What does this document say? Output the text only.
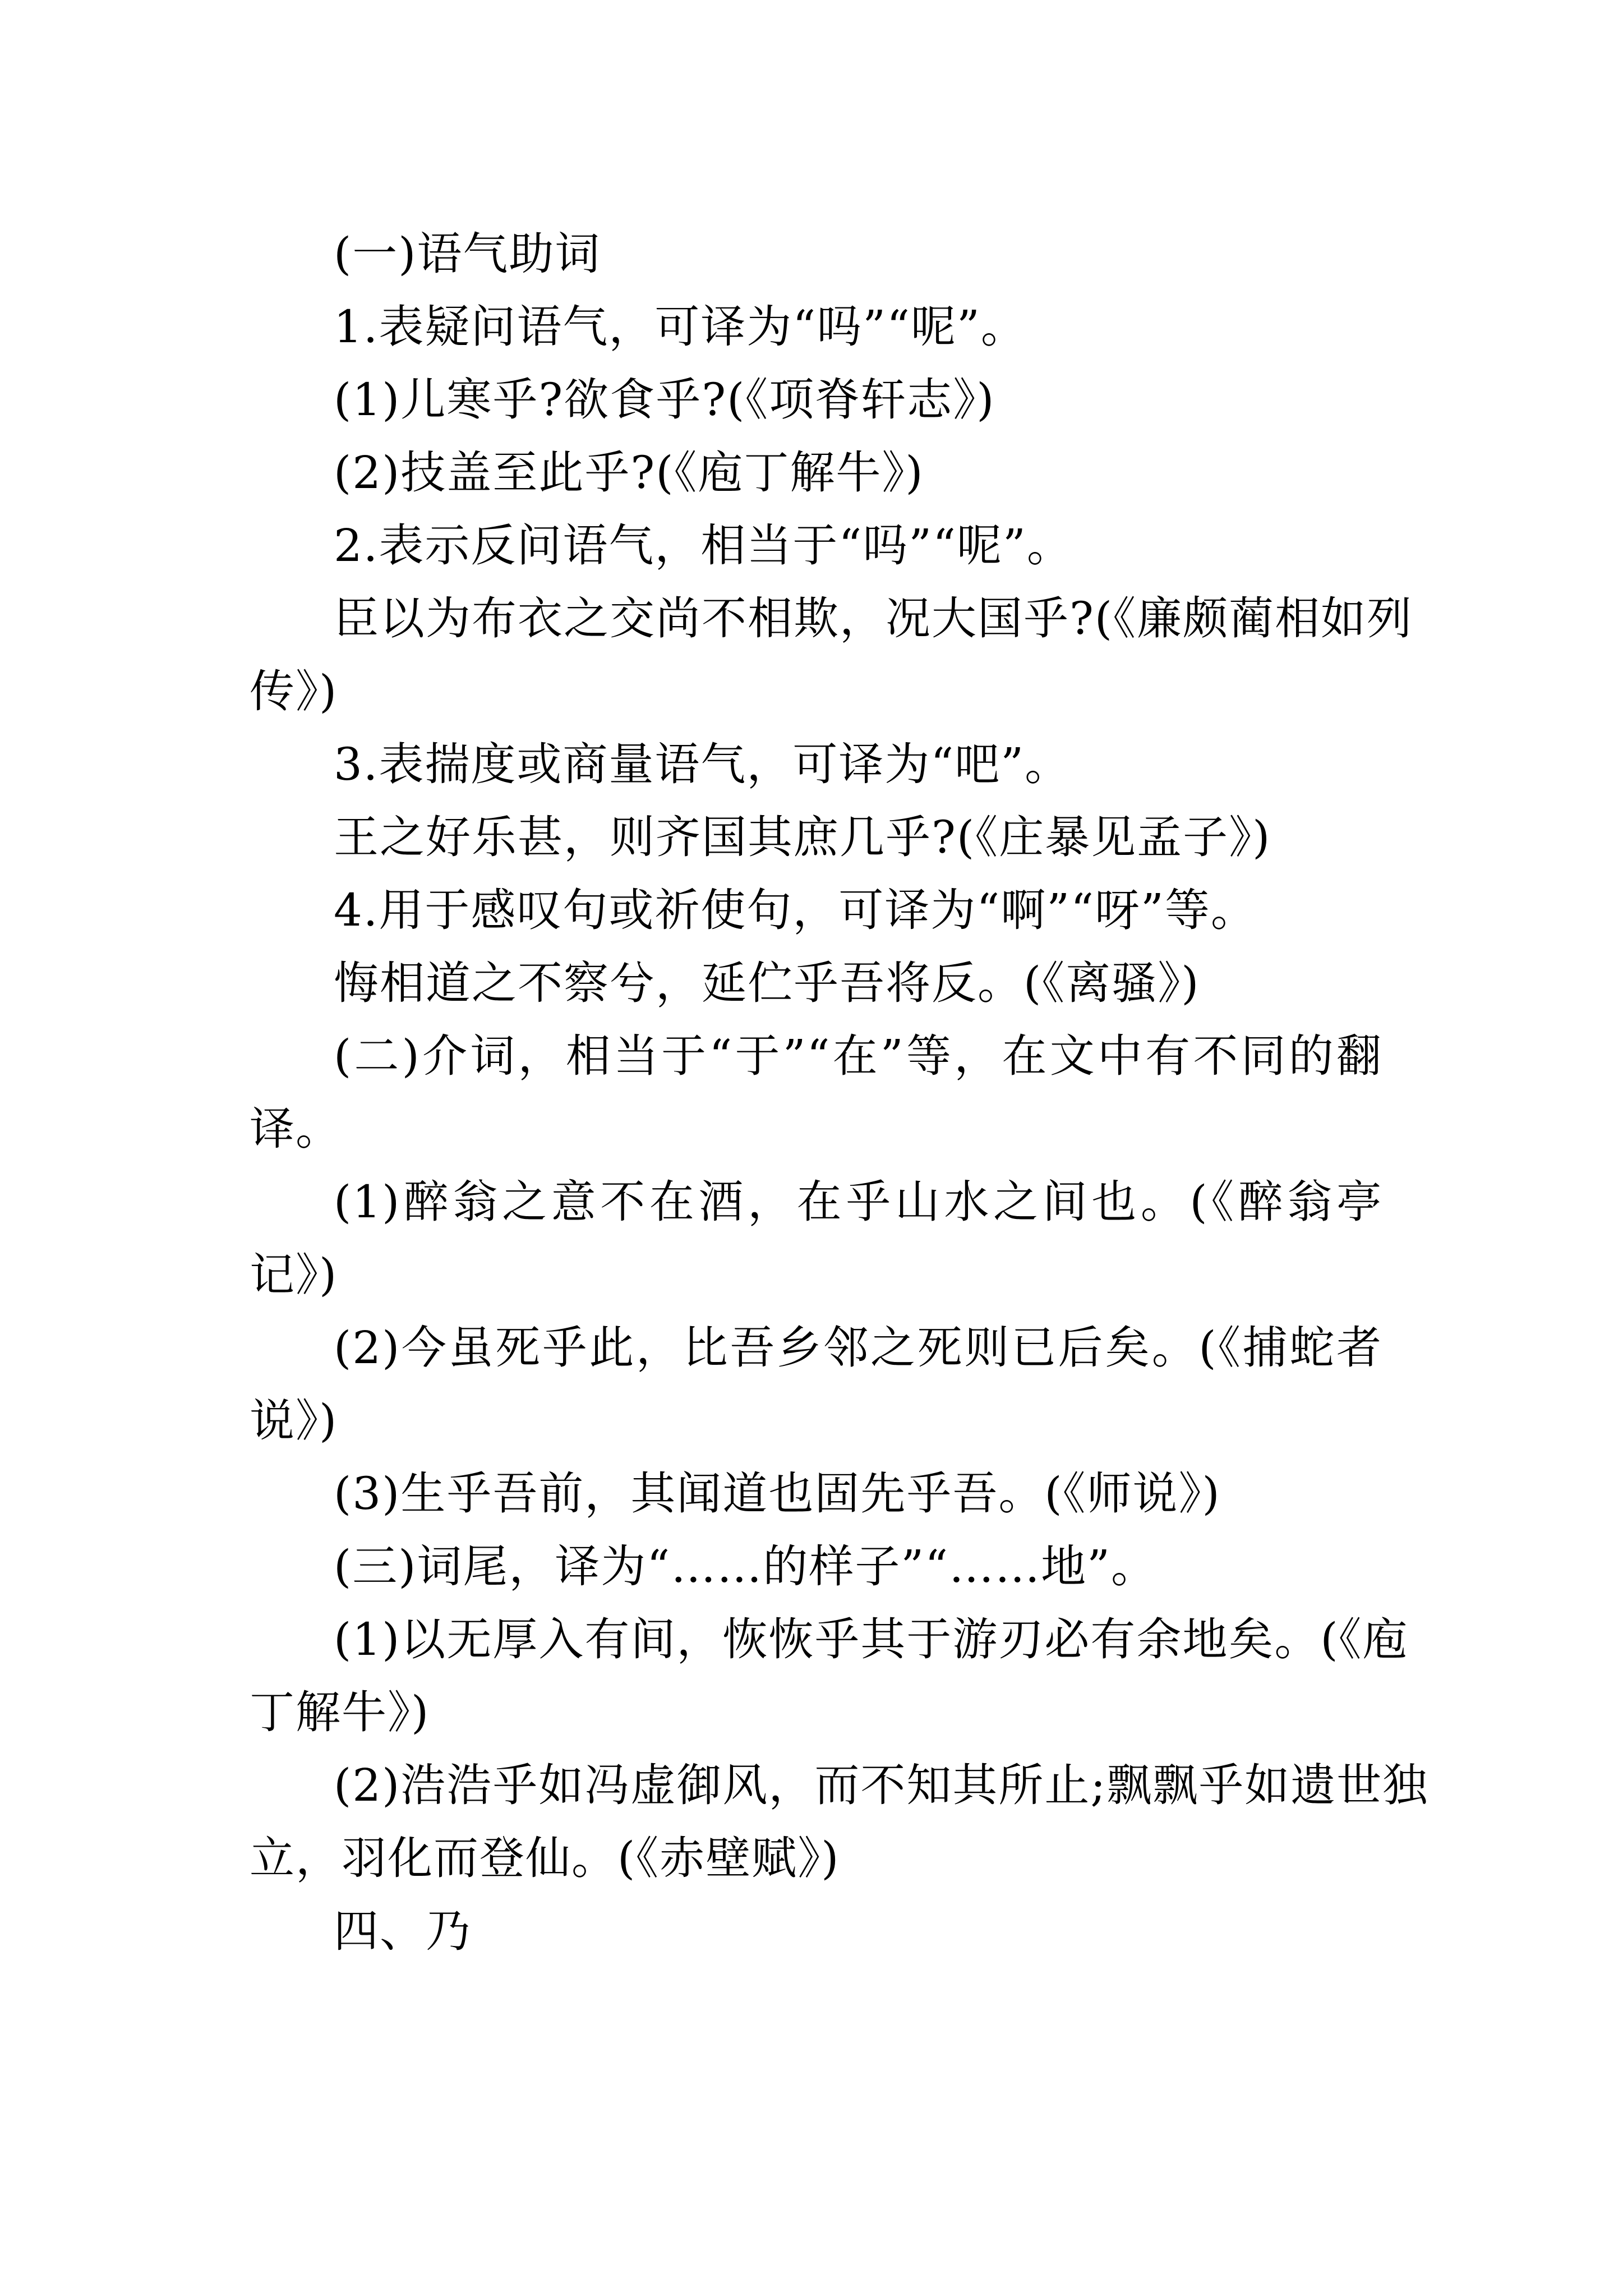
(一)语气助词
1.表疑问语气，可译为“吗”“呢”。
(1)儿寒乎?欲食乎?(《项脊轩志》)
(2)技盖至此乎?(《庖丁解牛》)
2.表示反问语气，相当于“吗”“呢”。
臣以为布衣之交尚不相欺，况大国乎?(《廉颇蔺相如列
传》)
3.表揣度或商量语气，可译为“吧”。
王之好乐甚，则齐国其庶几乎?(《庄暴见孟子》)
4.用于感叹句或祈使句，可译为“啊”“呀”等。
悔相道之不察兮，延伫乎吾将反。(《离骚》)
(二)介词，相当于“于”“在”等，在文中有不同的翻
译。
(1)醉翁之意不在酒，在乎山水之间也。(《醉翁亭
记》)
(2)今虽死乎此，比吾乡邻之死则已后矣。(《捕蛇者
说》)
(3)生乎吾前，其闻道也固先乎吾。(《师说》)
(三)词尾，译为“……的样子”“……地”。
(1)以无厚入有间，恢恢乎其于游刃必有余地矣。(《庖
丁解牛》)
(2)浩浩乎如冯虚御风，而不知其所止;飘飘乎如遗世独
立，羽化而登仙。(《赤壁赋》)
四、乃
